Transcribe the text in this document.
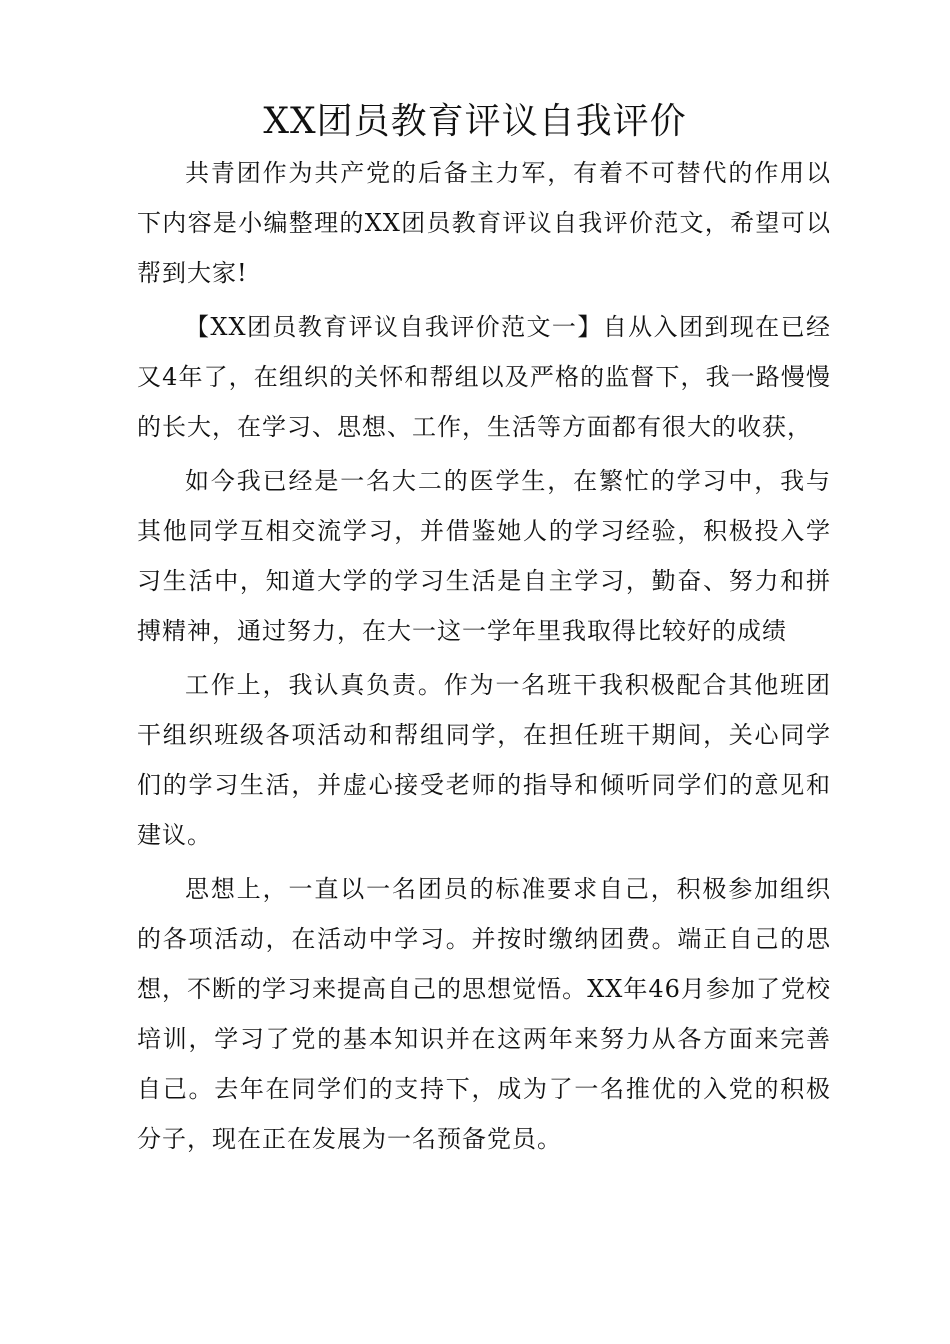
XX团员教育评议自我评价

共青团作为共产党的后备主力军，有着不可替代的作用以下内容是小编整理的XX团员教育评议自我评价范文，希望可以帮到大家!

【XX团员教育评议自我评价范文一】自从入团到现在已经又4年了，在组织的关怀和帮组以及严格的监督下，我一路慢慢的长大，在学习、思想、工作，生活等方面都有很大的收获，

如今我已经是一名大二的医学生，在繁忙的学习中，我与其他同学互相交流学习，并借鉴她人的学习经验，积极投入学习生活中，知道大学的学习生活是自主学习，勤奋、努力和拼搏精神，通过努力，在大一这一学年里我取得比较好的成绩

工作上，我认真负责。作为一名班干我积极配合其他班团干组织班级各项活动和帮组同学，在担任班干期间，关心同学们的学习生活，并虚心接受老师的指导和倾听同学们的意见和建议。

思想上，一直以一名团员的标准要求自己，积极参加组织的各项活动，在活动中学习。并按时缴纳团费。端正自己的思想，不断的学习来提高自己的思想觉悟。XX年46月参加了党校培训，学习了党的基本知识并在这两年来努力从各方面来完善自己。去年在同学们的支持下，成为了一名推优的入党的积极分子，现在正在发展为一名预备党员。
